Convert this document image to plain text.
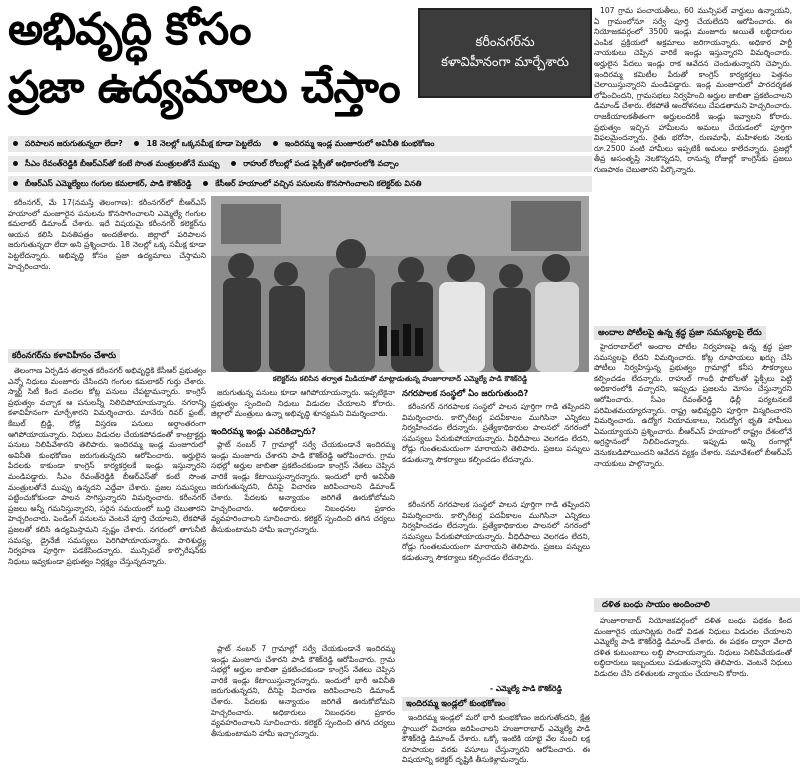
అభివృద్ధి కోసం
ప్రజా ఉద్యమాలు చేస్తాం
కరీంనగర్‌ను
కళావిహీనంగా మార్చేశారు
పరిపాలన జరుగుతున్నదా లేదా?	18 నెలల్లో ఒక్కసమీక్ష కూడా పెట్టలేదు	ఇందిరమ్మ ఇండ్ల మంజూరులో అవినీతి కుంభకోణం
సీఎం రేవంత్‌రెడ్డికి బీఆర్‌ఎస్‌తో కంటే సొంత మంత్రులతోనే ముప్పు	రాహుల్ రోలుల్లో పండ ఫ్లెక్సీతో అధికారంలోకి వచ్చాం
బీఆర్‌ఎస్ ఎమ్మెల్యేలు గంగుల కమలాకర్, పాడి కౌశిక్‌రెడ్డి	కేసీఆర్ హయాంలో వచ్చిన పనులను కొనసాగించాలని కలెక్టర్‌కు వినతి

కరీంనగర్, మే 17(నమస్తే తెలంగాణ): కరీంనగర్‌లో బీఆర్‌ఎస్ హయాంలో మంజూరైన పనులను కొనసాగించాలని ఎమ్మెల్యే గంగుల కమలాకర్ డిమాండ్ చేశారు. ఇదే విషయమై కరీంనగర్ కలెక్టర్‌ను ఆయన కలిసి వినతిపత్రం అందజేశారు. జిల్లాలో పరిపాలన జరుగుతున్నదా లేదా అని ప్రశ్నించారు. 18 నెలల్లో ఒక్క సమీక్ష కూడా పెట్టలేదన్నారు. అభివృద్ధి కోసం ప్రజా ఉద్యమాలు చేస్తామని హెచ్చరించారు.

కరీంనగర్‌ను కళావిహీనం చేశారు

తెలంగాణ ఏర్పడిన తర్వాత కరీంనగర్ అభివృద్ధికి కేసీఆర్ ప్రభుత్వం ఎన్నో నిధులు మంజూరు చేసిందని గంగుల కమలాకర్ గుర్తు చేశారు. స్మార్ట్ సిటీ కింద వందల కోట్ల పనులు చేపట్టామన్నారు. కాంగ్రెస్ ప్రభుత్వం వచ్చాక ఆ పనులన్నీ నిలిచిపోయాయన్నారు. నగరాన్ని కళావిహీనంగా మార్చేశారని విమర్శించారు. మానేరు రివర్ ఫ్రంట్, కేబుల్ బ్రిడ్జి, రోడ్ల విస్తరణ పనులు అర్ధాంతరంగా ఆగిపోయాయన్నారు. నిధులు విడుదల చేయకపోవడంతో కాంట్రాక్టర్లు పనులు నిలిపివేశారని తెలిపారు. ఇందిరమ్మ ఇండ్ల మంజూరులో అవినీతి కుంభకోణం జరుగుతున్నదని ఆరోపించారు. అర్హులైన పేదలకు కాకుండా కాంగ్రెస్ కార్యకర్తలకే ఇండ్లు ఇస్తున్నారని మండిపడ్డారు. సీఎం రేవంత్‌రెడ్డికి బీఆర్‌ఎస్‌తో కంటే సొంత మంత్రులతోనే ముప్పు ఉన్నదని ఎద్దేవా చేశారు. ప్రజల సమస్యలు పట్టించుకోకుండా పాలన సాగిస్తున్నారని విమర్శించారు. కరీంనగర్ ప్రజలు అన్నీ గమనిస్తున్నారని, సరైన సమయంలో బుద్ధి చెబుతారని హెచ్చరించారు. పెండింగ్ పనులను వెంటనే పూర్తి చేయాలని, లేకపోతే ప్రజలతో కలిసి ఉద్యమిస్తామని స్పష్టం చేశారు. నగరంలో తాగునీటి సమస్య, డ్రైనేజీ సమస్యలు పెరిగిపోయాయన్నారు. పారిశుద్ధ్య నిర్వహణ పూర్తిగా పడకేసిందన్నారు. మున్సిపల్ కార్పొరేషన్‌కు నిధులు ఇవ్వకుండా ప్రభుత్వం నిర్లక్ష్యం చేస్తున్నదన్నారు.

కలెక్టర్‌ను కలిసిన తర్వాత మీడియాతో మాట్లాడుతున్న హుజూరాబాద్ ఎమ్మెల్యే పాడి కౌశిక్‌రెడ్డి

జరుగుతున్న పనులు కూడా ఆగిపోయాయన్నారు. ఇప్పటికైనా ప్రభుత్వం స్పందించి నిధులు విడుదల చేయాలని కోరారు. జిల్లాలో మంత్రులు ఉన్నా అభివృద్ధి శూన్యమని విమర్శించారు.

ఇందిరమ్మ ఇండ్లు ఎవరికిచ్చారు?

ప్లాట్ నంబర్ 7 గ్రామాల్లో సర్వే చేయకుండానే ఇందిరమ్మ ఇండ్లు మంజూరు చేశారని పాడి కౌశిక్‌రెడ్డి ఆరోపించారు. గ్రామ సభల్లో అర్హుల జాబితా ప్రకటించకుండా కాంగ్రెస్ నేతలు చెప్పిన వారికే ఇండ్లు కేటాయిస్తున్నారన్నారు. ఇందులో భారీ అవినీతి జరుగుతున్నదని, దీనిపై విచారణ జరిపించాలని డిమాండ్ చేశారు. పేదలకు అన్యాయం జరిగితే ఊరుకోబోమని హెచ్చరించారు. అధికారులు నిబంధనల ప్రకారం వ్యవహరించాలని సూచించారు. కలెక్టర్ స్పందించి తగిన చర్యలు తీసుకుంటామని హామీ ఇచ్చారన్నారు.

నగరపాలక సంస్థలో ఏం జరుగుతుంది?

కరీంనగర్ నగరపాలక సంస్థలో పాలన పూర్తిగా గాడి తప్పిందని విమర్శించారు. కార్పొరేటర్ల పదవీకాలం ముగిసినా ఎన్నికలు నిర్వహించడం లేదన్నారు. ప్రత్యేకాధికారుల పాలనలో నగరంలో సమస్యలు పేరుకుపోయాయన్నారు. వీధిదీపాలు వెలగడం లేదని, రోడ్లు గుంతలమయంగా మారాయని తెలిపారు. ప్రజలు పన్నులు కడుతున్నా సౌకర్యాలు కల్పించడం లేదన్నారు.

ఇందిరమ్మ ఇండ్లలో కుంభకోణం
- ఎమ్మెల్యే పాడి కౌశిక్‌రెడ్డి

ఇందిరమ్మ ఇండ్లలో మరో భారీ కుంభకోణం జరుగుతోందని, క్షేత్ర స్థాయిలో విచారణ జరిపించాలని హుజూరాబాద్ ఎమ్మెల్యే పాడి కౌశిక్‌రెడ్డి డిమాండ్ చేశారు. ఒక్కో ఇంటికి యాభై వేల నుంచి లక్ష రూపాయల వరకు వసూలు చేస్తున్నారని ఆరోపించారు. ఈ విషయాన్ని కలెక్టర్ దృష్టికి తీసుకెళ్లామన్నారు.

ప్లాట్ నంబర్ 7 గ్రామాల్లో సర్వే చేయకుండానే ఇందిరమ్మ ఇండ్లు మంజూరు చేశారని పాడి కౌశిక్‌రెడ్డి ఆరోపించారు. గ్రామ సభల్లో అర్హుల జాబితా ప్రకటించకుండా కాంగ్రెస్ నేతలు చెప్పిన వారికే ఇండ్లు కేటాయిస్తున్నారన్నారు. ఇందులో భారీ అవినీతి జరుగుతున్నదని, దీనిపై విచారణ జరిపించాలని డిమాండ్ చేశారు. పేదలకు అన్యాయం జరిగితే ఊరుకోబోమని హెచ్చరించారు. అధికారులు నిబంధనల ప్రకారం వ్యవహరించాలని సూచించారు. కలెక్టర్ స్పందించి తగిన చర్యలు తీసుకుంటామని హామీ ఇచ్చారన్నారు.

కరీంనగర్ నగరపాలక సంస్థలో పాలన పూర్తిగా గాడి తప్పిందని విమర్శించారు. కార్పొరేటర్ల పదవీకాలం ముగిసినా ఎన్నికలు నిర్వహించడం లేదన్నారు. ప్రత్యేకాధికారుల పాలనలో నగరంలో సమస్యలు పేరుకుపోయాయన్నారు. వీధిదీపాలు వెలగడం లేదని, రోడ్లు గుంతలమయంగా మారాయని తెలిపారు. ప్రజలు పన్నులు కడుతున్నా సౌకర్యాలు కల్పించడం లేదన్నారు.

107 గ్రామ పంచాయతీలు, 60 మున్సిపల్ వార్డులు ఉన్నాయని, ఏ గ్రామంలోనూ సర్వే పూర్తి చేయలేదని ఆరోపించారు. ఈ నియోజకవర్గంలో 3500 ఇండ్లు మంజూరు అయితే లబ్ధిదారుల ఎంపిక ప్రక్రియలో అక్రమాలు జరిగాయన్నారు. అధికార పార్టీ నాయకులు చెప్పిన వారికే ఇండ్లు ఇస్తున్నారని విమర్శించారు. అర్హులైన పేదలు ఇండ్లు రాక ఆవేదన చెందుతున్నారని చెప్పారు. ఇందిరమ్మ కమిటీల పేరుతో కాంగ్రెస్ కార్యకర్తలు పెత్తనం చెలాయిస్తున్నారని మండిపడ్డారు. ఇండ్ల మంజూరులో పారదర్శకత లోపించిందని, గ్రామసభలు నిర్వహించి అర్హుల జాబితా ప్రకటించాలని డిమాండ్ చేశారు. లేకపోతే ఆందోళనలు చేపడతామని హెచ్చరించారు. రాజకీయాలకతీతంగా అర్హులందరికీ ఇండ్లు ఇవ్వాలని కోరారు. ప్రభుత్వం ఇచ్చిన హామీలను అమలు చేయడంలో పూర్తిగా విఫలమైందన్నారు. రైతు భరోసా, రుణమాఫీ, మహిళలకు నెలకు రూ.2500 వంటి హామీలు ఇప్పటికీ అమలు కాలేదన్నారు. ప్రజల్లో తీవ్ర అసంతృప్తి నెలకొన్నదని, రానున్న రోజుల్లో కాంగ్రెస్‌కు ప్రజలు గుణపాఠం చెబుతారని పేర్కొన్నారు.

అందాల పోటీలపై ఉన్న శ్రద్ధ ప్రజా సమస్యలపై లేదు

హైదరాబాద్‌లో అందాల పోటీల నిర్వహణపై ఉన్న శ్రద్ధ ప్రజా సమస్యలపై లేదని విమర్శించారు. కోట్ల రూపాయలు ఖర్చు చేసి పోటీలు నిర్వహిస్తున్న ప్రభుత్వం గ్రామాల్లో కనీస సౌకర్యాలు కల్పించడం లేదన్నారు. రాహుల్ గాంధీ ఫొటోలతో ఫ్లెక్సీలు పెట్టి అధికారంలోకి వచ్చారని, ఇప్పుడు ప్రజలను మోసం చేస్తున్నారని ఆరోపించారు. సీఎం రేవంత్‌రెడ్డి ఢిల్లీ పర్యటనలకే పరిమితమయ్యారన్నారు. రాష్ట్ర అభివృద్ధిని పూర్తిగా విస్మరించారని విమర్శించారు. ఉద్యోగ నియామకాలు, నిరుద్యోగ భృతి హామీలు ఏమయ్యాయని ప్రశ్నించారు. బీఆర్‌ఎస్ హయాంలో రాష్ట్రం దేశంలోనే అగ్రస్థానంలో నిలిచిందన్నారు. ఇప్పుడు అన్ని రంగాల్లో వెనుకబడిపోయిందని ఆవేదన వ్యక్తం చేశారు. సమావేశంలో బీఆర్‌ఎస్ నాయకులు పాల్గొన్నారు.

దళిత బంధు సాయం అందించాలి

హుజూరాబాద్ నియోజకవర్గంలో దళిత బంధు పథకం కింద మంజూరైన యూనిట్లకు రెండో విడత నిధులు విడుదల చేయాలని ఎమ్మెల్యే పాడి కౌశిక్‌రెడ్డి డిమాండ్ చేశారు. ఈ పథకం ద్వారా వేలాది దళిత కుటుంబాలు లబ్ధి పొందాయన్నారు. నిధులు నిలిపివేయడంతో లబ్ధిదారులు ఇబ్బందులు పడుతున్నారని తెలిపారు. వెంటనే నిధులు విడుదల చేసి దళితులకు న్యాయం చేయాలని కోరారు.
